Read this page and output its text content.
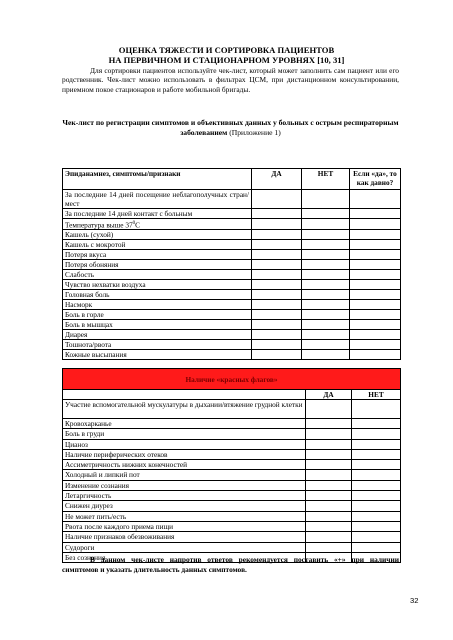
ОЦЕНКА ТЯЖЕСТИ И СОРТИРОВКА ПАЦИЕНТОВ
НА ПЕРВИЧНОМ И СТАЦИОНАРНОМ УРОВНЯХ [10, 31]
Для сортировки пациентов используйте чек-лист, который может заполнить сам пациент или его родственник. Чек-лист можно использовать в фильтрах ЦСМ, при дистанционном консультировании, приемном покое стационаров и работе мобильной бригады.
Чек-лист по регистрации симптомов и объективных данных у больных с острым респираторным заболеванием (Приложение 1)
Эпиданамнез, симптомы/признаки	ДА	НЕТ	Если «да», то как давно?
За последние 14 дней посещение неблагополучных стран/мест			
За последние 14 дней контакт с больным			
Температура выше $37^0С$			
Кашель (сухой)			
Кашель с мокротой			
Потеря вкуса			
Потеря обоняния			
Слабость			
Чувство нехватки воздуха			
Головная боль			
Насморк			
Боль в горле			
Боль в мышцах			
Диарея			
Тошнота/рвота			
Кожные высыпания			
Наличие «красных флагов»		
	ДА	НЕТ
Участие вспомогательной мускулатуры в дыхании/втяжение грудной клетки		
Кровохарканье		
Боль в груди		
Цианоз		
Наличие периферических отеков		
Ассиметричность нижних конечностей		
Холодный и липкий пот		
Изменение сознания		
Летаргичность		
Снижен диурез		
Не может пить/есть		
Рвота после каждого приема пищи		
Наличие признаков обезвоживания		
Судороги		
Без сознания		
В данном чек-листе напротив ответов рекомендуется поставить «+» при наличии симптомов и указать длительность данных симптомов.
32
